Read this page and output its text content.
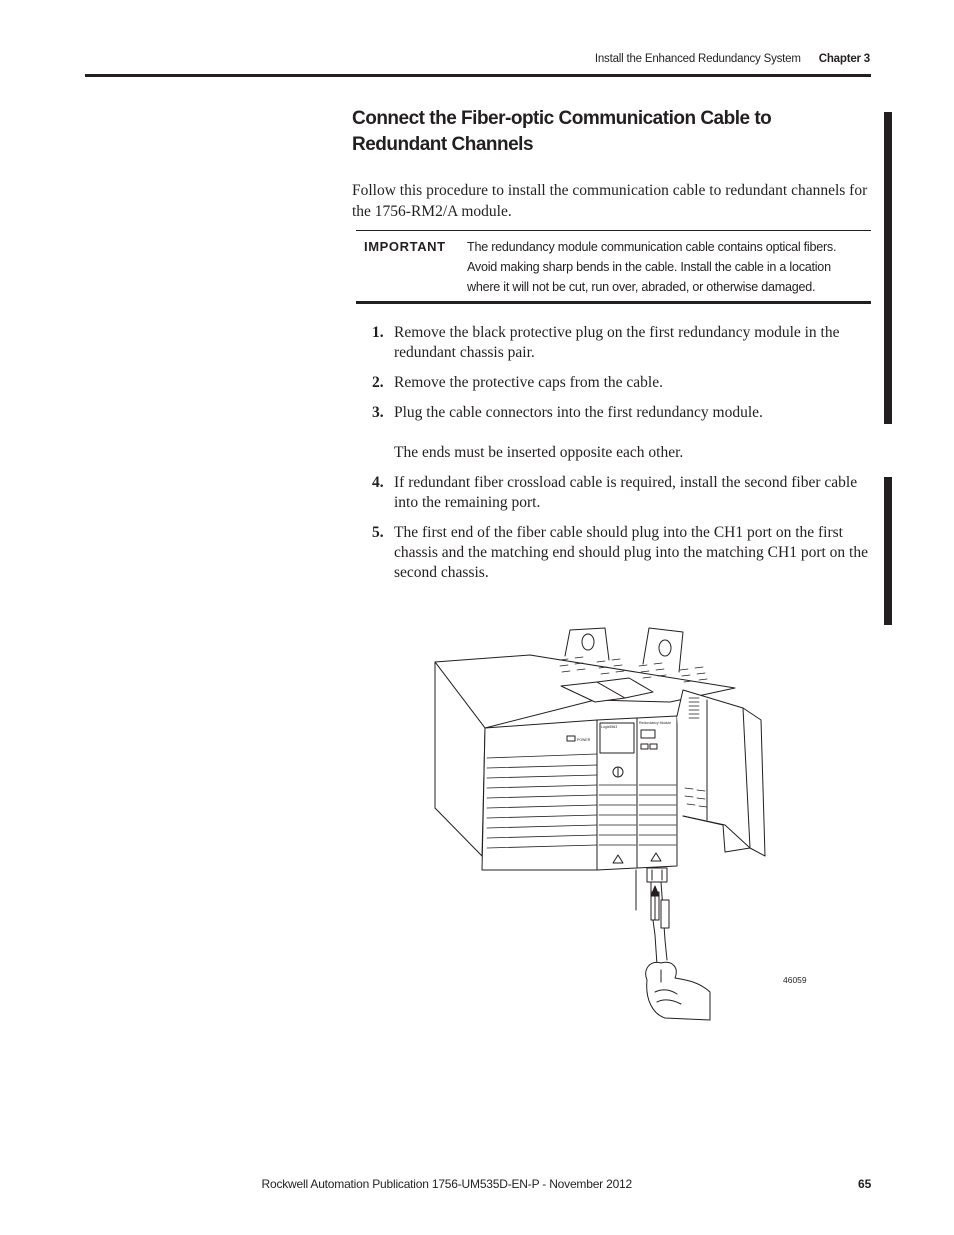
Install the Enhanced Redundancy System Chapter 3
Connect the Fiber-optic Communication Cable to Redundant Channels
Follow this procedure to install the communication cable to redundant channels for the 1756-RM2/A module.
IMPORTANT The redundancy module communication cable contains optical fibers. Avoid making sharp bends in the cable. Install the cable in a location where it will not be cut, run over, abraded, or otherwise damaged.
1. Remove the black protective plug on the first redundancy module in the redundant chassis pair.
2. Remove the protective caps from the cable.
3. Plug the cable connectors into the first redundancy module.
The ends must be inserted opposite each other.
4. If redundant fiber crossload cable is required, install the second fiber cable into the remaining port.
5. The first end of the fiber cable should plug into the CH1 port on the first chassis and the matching end should plug into the matching CH1 port on the second chassis.
POWER
Logix5563
Redundancy Module
46059
Rockwell Automation Publication 1756-UM535D-EN-P - November 2012	65
